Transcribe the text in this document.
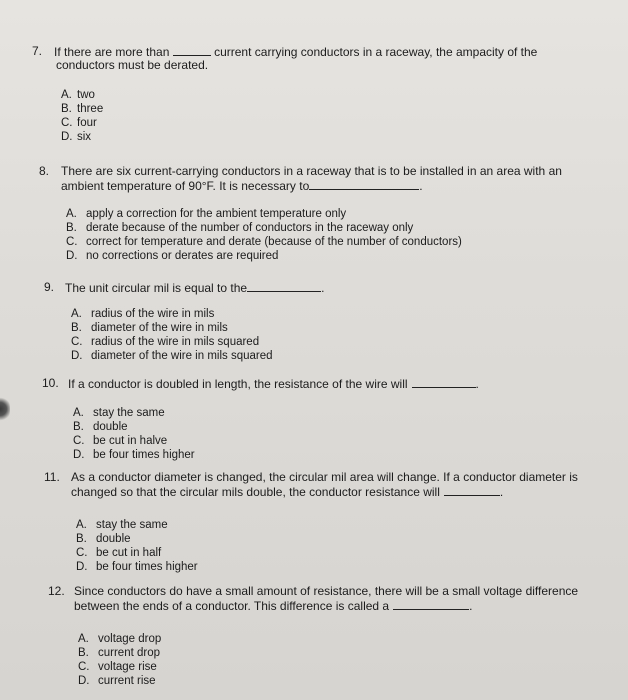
7. If there are more than	current carrying conductors in a raceway, the ampacity of the
conductors must be derated.
A. two
B. three
C. four
D. six
8. There are six current-carrying conductors in a raceway that is to be installed in an area with an
ambient temperature of 90°F. It is necessary to	.
A. apply a correction for the ambient temperature only
B. derate because of the number of conductors in the raceway only
C. correct for temperature and derate (because of the number of conductors)
D. no corrections or derates are required
9. The unit circular mil is equal to the	.
A. radius of the wire in mils
B. diameter of the wire in mils
C. radius of the wire in mils squared
D. diameter of the wire in mils squared
10. If a conductor is doubled in length, the resistance of the wire will	.
A. stay the same
B. double
C. be cut in halve
D. be four times higher
11. As a conductor diameter is changed, the circular mil area will change. If a conductor diameter is
changed so that the circular mils double, the conductor resistance will	.
A. stay the same
B. double
C. be cut in half
D. be four times higher
12. Since conductors do have a small amount of resistance, there will be a small voltage difference
between the ends of a conductor. This difference is called a	.
A. voltage drop
B. current drop
C. voltage rise
D. current rise
